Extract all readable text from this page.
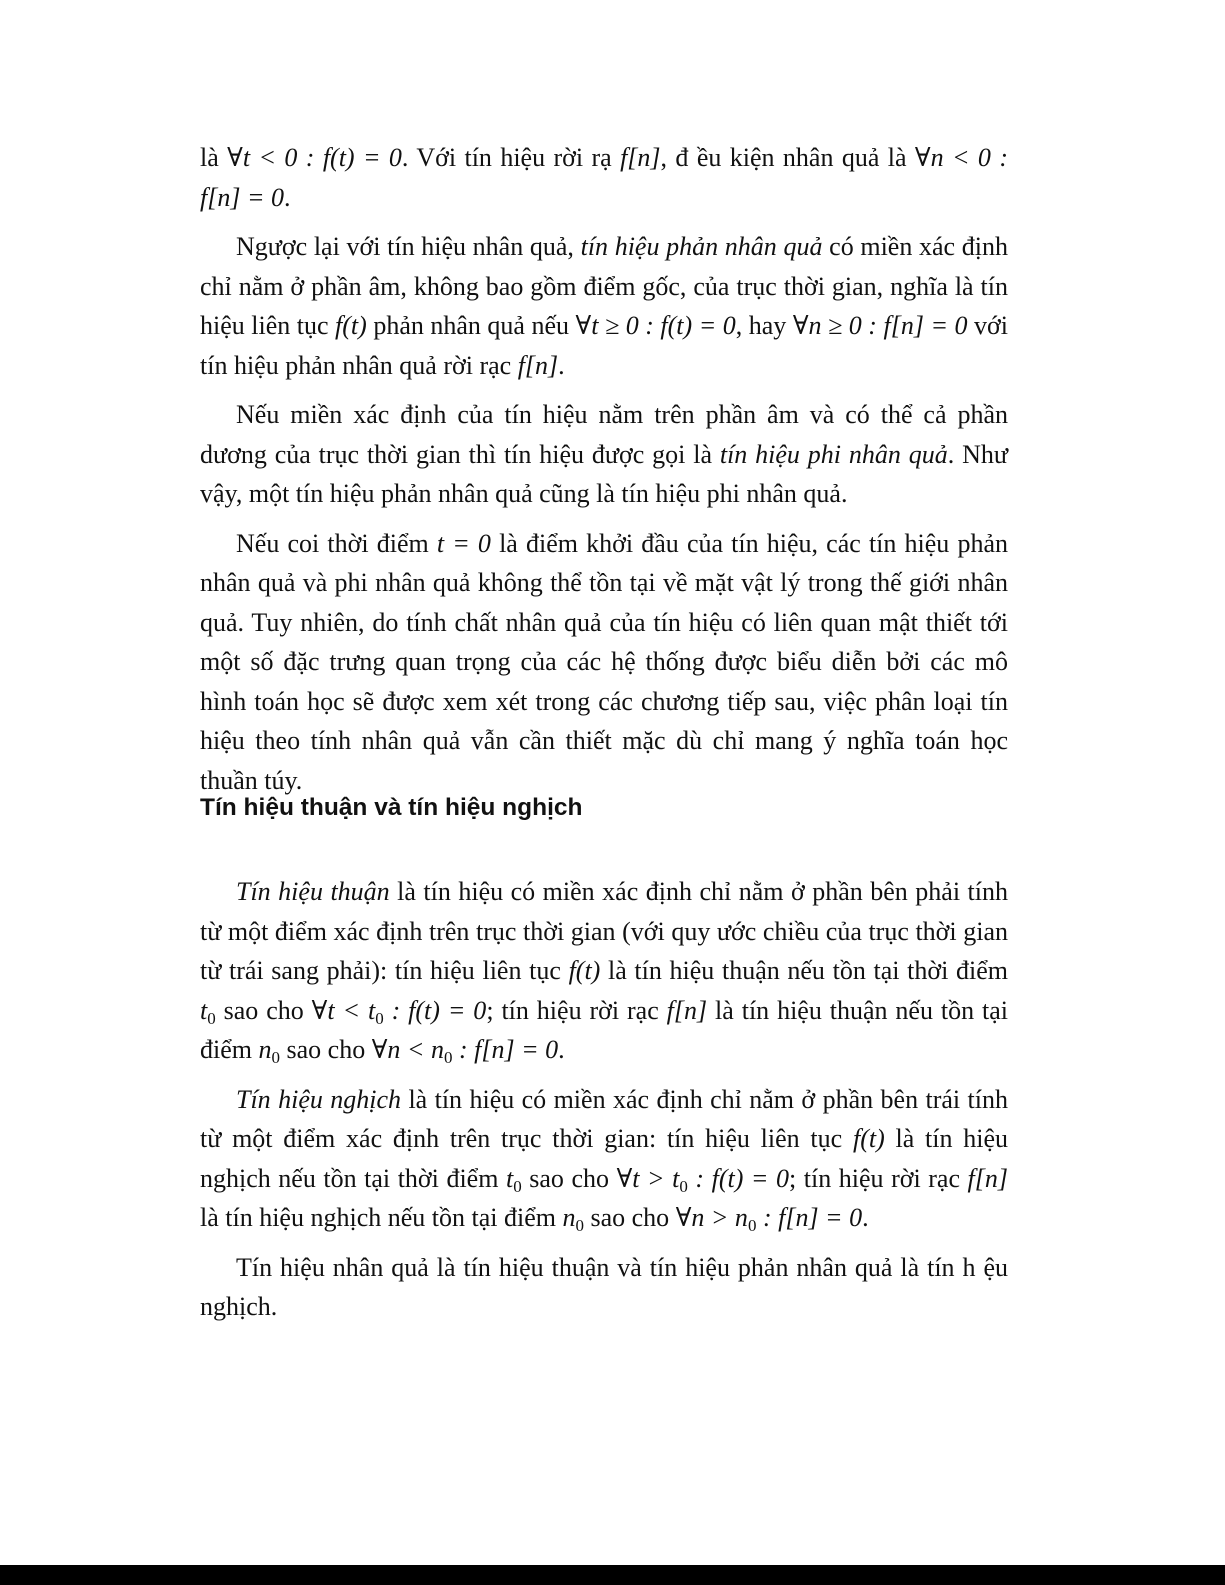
là ∀t < 0 : f(t) = 0. Với tín hiệu rời rạ f[n], đ ều kiện nhân quả là ∀n < 0 : f[n] = 0.

Ngược lại với tín hiệu nhân quả, tín hiệu phản nhân quả có miền xác định chỉ nằm ở phần âm, không bao gồm điểm gốc, của trục thời gian, nghĩa là tín hiệu liên tục f(t) phản nhân quả nếu ∀t ≥ 0 : f(t) = 0, hay ∀n ≥ 0 : f[n] = 0 với tín hiệu phản nhân quả rời rạc f[n].

Nếu miền xác định của tín hiệu nằm trên phần âm và có thể cả phần dương của trục thời gian thì tín hiệu được gọi là tín hiệu phi nhân quả. Như vậy, một tín hiệu phản nhân quả cũng là tín hiệu phi nhân quả.

Nếu coi thời điểm t = 0 là điểm khởi đầu của tín hiệu, các tín hiệu phản nhân quả và phi nhân quả không thể tồn tại về mặt vật lý trong thế giới nhân quả. Tuy nhiên, do tính chất nhân quả của tín hiệu có liên quan mật thiết tới một số đặc trưng quan trọng của các hệ thống được biểu diễn bởi các mô hình toán học sẽ được xem xét trong các chương tiếp sau, việc phân loại tín hiệu theo tính nhân quả vẫn cần thiết mặc dù chỉ mang ý nghĩa toán học thuần túy.

Tín hiệu thuận và tín hiệu nghịch

Tín hiệu thuận là tín hiệu có miền xác định chỉ nằm ở phần bên phải tính từ một điểm xác định trên trục thời gian (với quy ước chiều của trục thời gian từ trái sang phải): tín hiệu liên tục f(t) là tín hiệu thuận nếu tồn tại thời điểm $t_0$ sao cho ∀t < $t_0$ : f(t) = 0; tín hiệu rời rạc f[n] là tín hiệu thuận nếu tồn tại điểm $n_0$ sao cho ∀n < $n_0$ : f[n] = 0.

Tín hiệu nghịch là tín hiệu có miền xác định chỉ nằm ở phần bên trái tính từ một điểm xác định trên trục thời gian: tín hiệu liên tục f(t) là tín hiệu nghịch nếu tồn tại thời điểm $t_0$ sao cho ∀t > $t_0$ : f(t) = 0; tín hiệu rời rạc f[n] là tín hiệu nghịch nếu tồn tại điểm $n_0$ sao cho ∀n > $n_0$ : f[n] = 0.

Tín hiệu nhân quả là tín hiệu thuận và tín hiệu phản nhân quả là tín h ệu nghịch.
